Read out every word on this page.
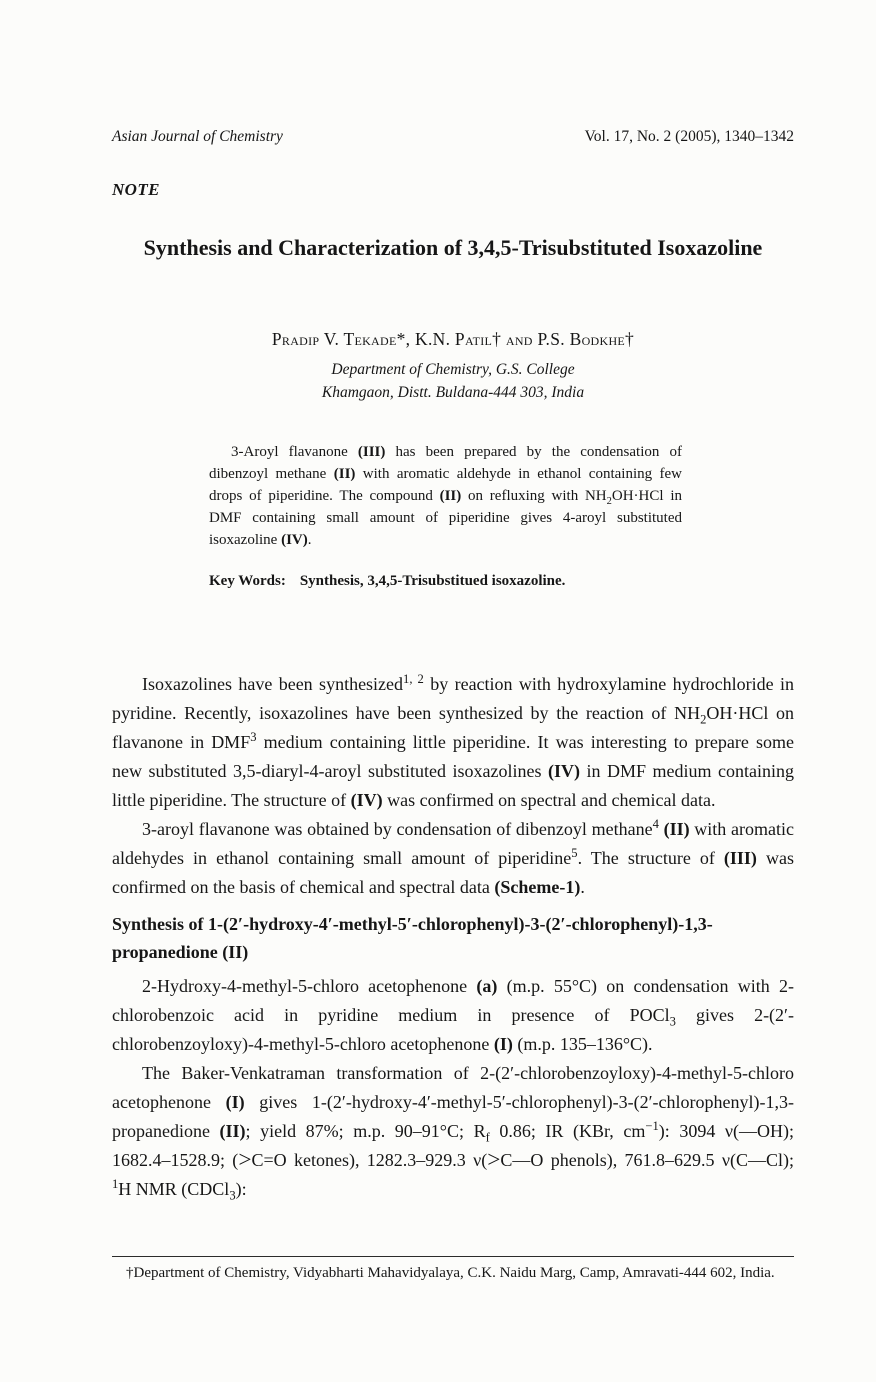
Asian Journal of Chemistry	Vol. 17, No. 2 (2005), 1340–1342
NOTE
Synthesis and Characterization of 3,4,5-Trisubstituted Isoxazoline
Pradip V. Tekade*, K.N. Patil† and P.S. Bodkhe†
Department of Chemistry, G.S. College
Khamgaon, Distt. Buldana-444 303, India

3-Aroyl flavanone (III) has been prepared by the condensation of dibenzoyl methane (II) with aromatic aldehyde in ethanol containing few drops of piperidine. The compound (II) on refluxing with $NH_2OH\cdot HCl$ in DMF containing small amount of piperidine gives 4-aroyl substituted isoxazoline (IV).

Key Words: Synthesis, 3,4,5-Trisubstitued isoxazoline.

Isoxazolines have been synthesized$^{1, 2}$ by reaction with hydroxylamine hydrochloride in pyridine. Recently, isoxazolines have been synthesized by the reaction of $NH_2OH\cdot HCl$ on flavanone in DMF$^3$ medium containing little piperidine. It was interesting to prepare some new substituted 3,5-diaryl-4-aroyl substituted isoxazolines (IV) in DMF medium containing little piperidine. The structure of (IV) was confirmed on spectral and chemical data.

3-aroyl flavanone was obtained by condensation of dibenzoyl methane$^4$ (II) with aromatic aldehydes in ethanol containing small amount of piperidine$^5$. The structure of (III) was confirmed on the basis of chemical and spectral data (Scheme-1).

Synthesis of 1-(2′-hydroxy-4′-methyl-5′-chlorophenyl)-3-(2′-chlorophenyl)-1,3-propanedione (II)

2-Hydroxy-4-methyl-5-chloro acetophenone (a) (m.p. 55°C) on condensation with 2-chlorobenzoic acid in pyridine medium in presence of POCl$_3$ gives 2-(2′-chlorobenzoyloxy)-4-methyl-5-chloro acetophenone (I) (m.p. 135–136°C).

The Baker-Venkatraman transformation of 2-(2′-chlorobenzoyloxy)-4-methyl-5-chloro acetophenone (I) gives 1-(2′-hydroxy-4′-methyl-5′-chlorophenyl)-3-(2′-chlorophenyl)-1,3-propanedione (II); yield 87%; m.p. 90–91°C; $R_f$ 0.86; IR (KBr, $cm^{-1}$): 3094 ν(—OH); 1682.4–1528.9; (>C=O ketones), 1282.3–929.3 ν(>C—O phenols), 761.8–629.5 ν(C—Cl); $^1$H NMR (CDCl$_3$):

†Department of Chemistry, Vidyabharti Mahavidyalaya, C.K. Naidu Marg, Camp, Amravati-444 602, India.
